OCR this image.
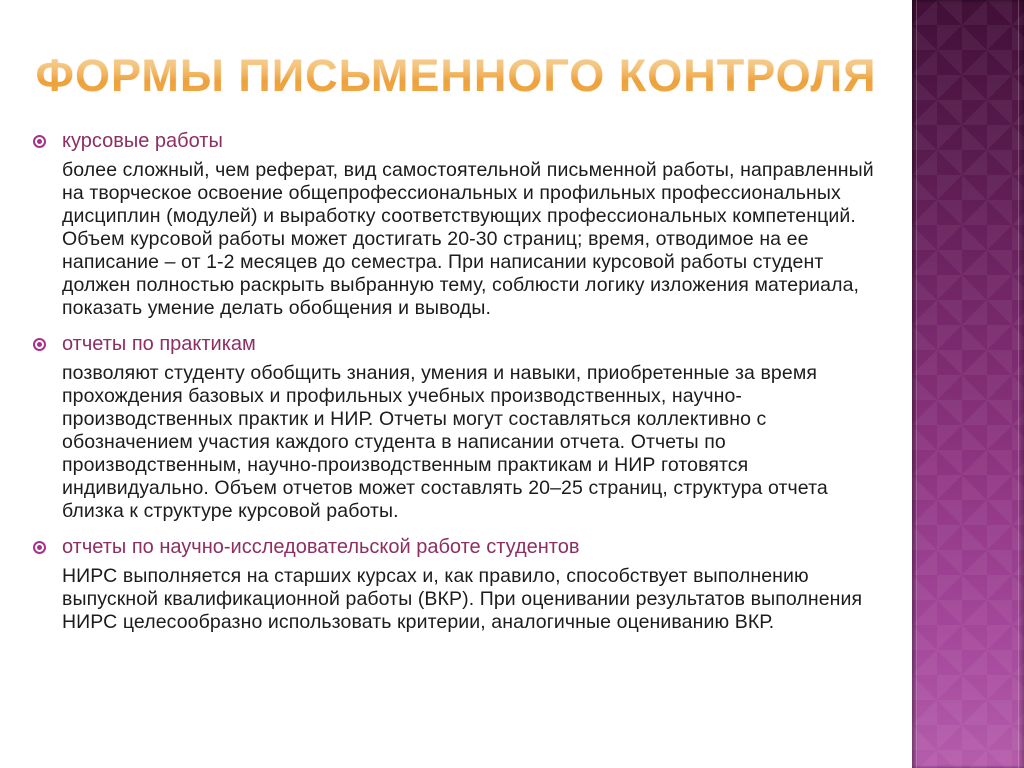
ФОРМЫ ПИСЬМЕННОГО КОНТРОЛЯ
курсовые работы

более сложный, чем реферат, вид самостоятельной письменной работы, направленный на творческое освоение общепрофессиональных и профильных профессиональных дисциплин (модулей) и выработку соответствующих профессиональных компетенций. Объем курсовой работы может достигать 20-30 страниц; время, отводимое на ее написание – от 1-2 месяцев до семестра. При написании курсовой работы студент должен полностью раскрыть выбранную тему, соблюсти логику изложения материала, показать умение делать обобщения и выводы.

отчеты по практикам

позволяют студенту обобщить знания, умения и навыки, приобретенные за время прохождения базовых и профильных учебных производственных, научно-производственных практик и НИР. Отчеты могут составляться коллективно с обозначением участия каждого студента в написании отчета. Отчеты по производственным, научно-производственным практикам и НИР готовятся индивидуально. Объем отчетов может составлять 20–25 страниц, структура отчета близка к структуре курсовой работы.

отчеты по научно-исследовательской работе студентов

НИРС выполняется на старших курсах и, как правило, способствует выполнению выпускной квалификационной работы (ВКР). При оценивании результатов выполнения НИРС целесообразно использовать критерии, аналогичные оцениванию ВКР.
